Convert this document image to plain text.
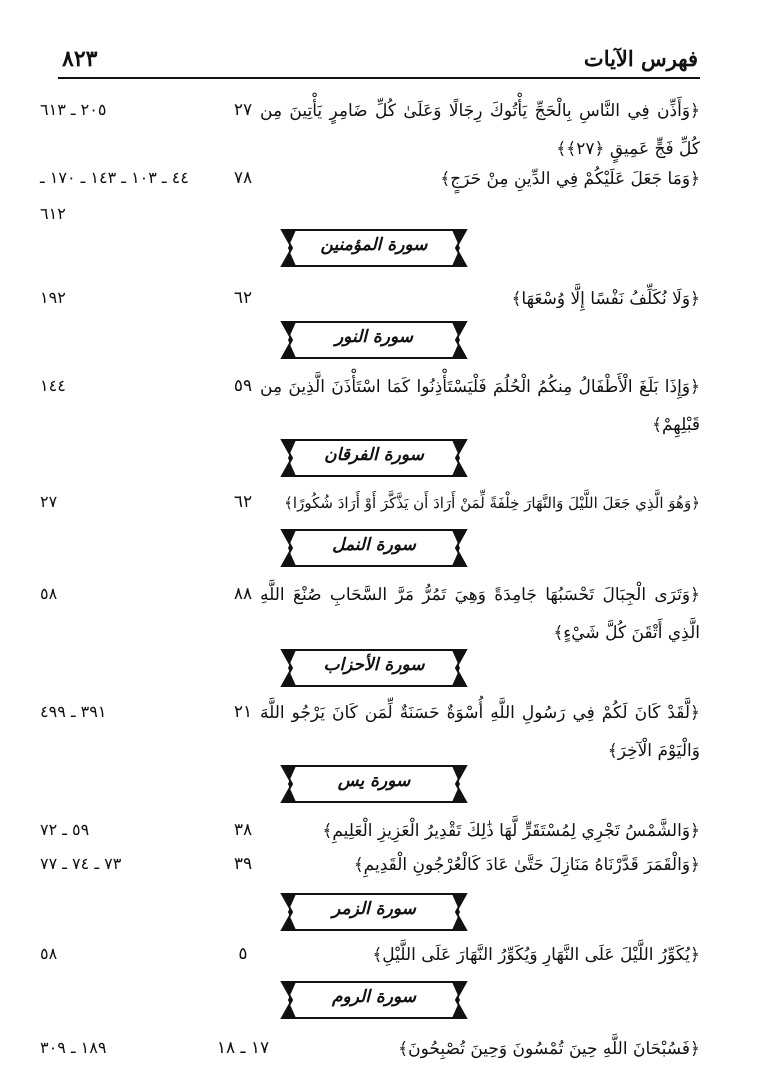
فهرس الآيات
٨٢٣
﴿وَأَذِّن فِي النَّاسِ بِالْحَجِّ يَأْتُوكَ رِجَالًا وَعَلَىٰ كُلِّ ضَامِرٍ يَأْتِينَ مِن كُلِّ فَجٍّ عَمِيقٍ ﴿٢٧﴾﴾
٢٧
٢٠٥ ـ ٦١٣
﴿وَمَا جَعَلَ عَلَيْكُمْ فِي الدِّينِ مِنْ حَرَجٍ﴾
٧٨
٤٤ ـ ١٠٣ ـ ١٤٣ ـ ١٧٠ ـ ٦١٢
سورة المؤمنين
﴿وَلَا نُكَلِّفُ نَفْسًا إِلَّا وُسْعَهَا﴾
٦٢
١٩٢
سورة النور
﴿وَإِذَا بَلَغَ الْأَطْفَالُ مِنكُمُ الْحُلُمَ فَلْيَسْتَأْذِنُوا كَمَا اسْتَأْذَنَ الَّذِينَ مِن قَبْلِهِمْ﴾
٥٩
١٤٤
سورة الفرقان
﴿وَهُوَ الَّذِي جَعَلَ اللَّيْلَ وَالنَّهَارَ خِلْفَةً لِّمَنْ أَرَادَ أَن يَذَّكَّرَ أَوْ أَرَادَ شُكُورًا﴾
٦٢
٢٧
سورة النمل
﴿وَتَرَى الْجِبَالَ تَحْسَبُهَا جَامِدَةً وَهِيَ تَمُرُّ مَرَّ السَّحَابِ صُنْعَ اللَّهِ الَّذِي أَتْقَنَ كُلَّ شَيْءٍ﴾
٨٨
٥٨
سورة الأحزاب
﴿لَّقَدْ كَانَ لَكُمْ فِي رَسُولِ اللَّهِ أُسْوَةٌ حَسَنَةٌ لِّمَن كَانَ يَرْجُو اللَّهَ وَالْيَوْمَ الْآخِرَ﴾
٢١
٣٩١ ـ ٤٩٩
سورة يس
﴿وَالشَّمْسُ تَجْرِي لِمُسْتَقَرٍّ لَّهَا ذَٰلِكَ تَقْدِيرُ الْعَزِيزِ الْعَلِيمِ﴾
٣٨
٥٩ ـ ٧٢
﴿وَالْقَمَرَ قَدَّرْنَاهُ مَنَازِلَ حَتَّىٰ عَادَ كَالْعُرْجُونِ الْقَدِيمِ﴾
٣٩
٧٣ ـ ٧٤ ـ ٧٧
سورة الزمر
﴿يُكَوِّرُ اللَّيْلَ عَلَى النَّهَارِ وَيُكَوِّرُ النَّهَارَ عَلَى اللَّيْلِ﴾
٥
٥٨
سورة الروم
﴿فَسُبْحَانَ اللَّهِ حِينَ تُمْسُونَ وَحِينَ تُصْبِحُونَ﴾
١٧ ـ ١٨
١٨٩ ـ ٣٠٩
